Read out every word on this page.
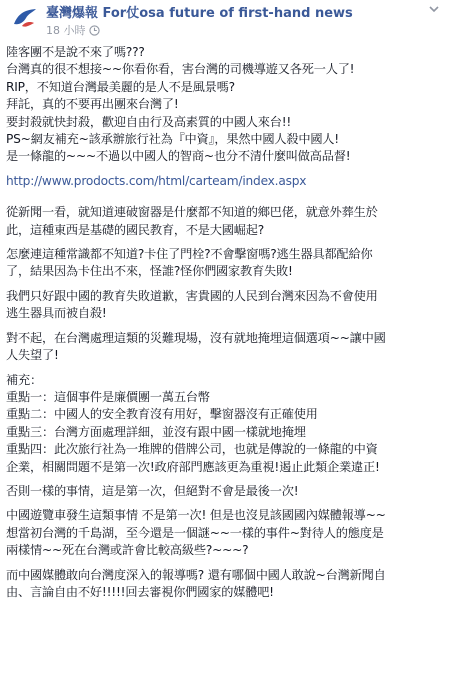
臺灣爆報 For仗osa future of first-hand news
18 小時

陸客團不是說不來了嗎???

台灣真的很不想接~~你看你看，害台灣的司機導遊又各死一人了!

RIP，不知道台灣最美麗的是人不是風景嗎?

拜託，真的不要再出團來台灣了!

要封殺就快封殺，歡迎自由行及高素質的中國人來台!!

PS~網友補充~該承辦旅行社為『中資』，果然中國人殺中國人!

是一條龍的~~~不過以中國人的智商~也分不清什麼叫做高品督!

http://www.prodocts.com/html/carteam/index.aspx

從新聞一看，就知道連破窗器是什麼都不知道的鄉巴佬，就意外葬生於

此，這種東西是基礎的國民教育，不是大國崛起?

怎麼連這種常識都不知道?卡住了門栓?不會擊窗嗎?逃生器具都配給你

了，結果因為卡住出不來，怪誰?怪你們國家教育失敗!

我們只好跟中國的教育失敗道歉，害貴國的人民到台灣來因為不會使用

逃生器具而被自殺!

對不起，在台灣處理這類的災難現場，沒有就地掩埋這個選項~~讓中國

人失望了!

補充：

重點一：這個事件是廉價團一萬五台幣

重點二：中國人的安全教育沒有用好，擊窗器沒有正確使用

重點三：台灣方面處理詳細，並沒有跟中國一樣就地掩埋

重點四：此次旅行社為一堆牌的借牌公司，也就是傳說的一條龍的中資

企業，相關問題不是第一次!政府部門應該更為重視!遏止此類企業違正!

否則一樣的事情，這是第一次，但絕對不會是最後一次!

中國遊覽車發生這類事情 不是第一次! 但是也沒見該國國內媒體報導~~

想當初台灣的千島湖，至今還是一個謎~~一樣的事件~對待人的態度是

兩樣情~~死在台灣或許會比較高級些?~~~?

而中國媒體敢向台灣度深入的報導嗎? 還有哪個中國人敢說~台灣新聞自

由、言論自由不好!!!!!回去審視你們國家的媒體吧!
